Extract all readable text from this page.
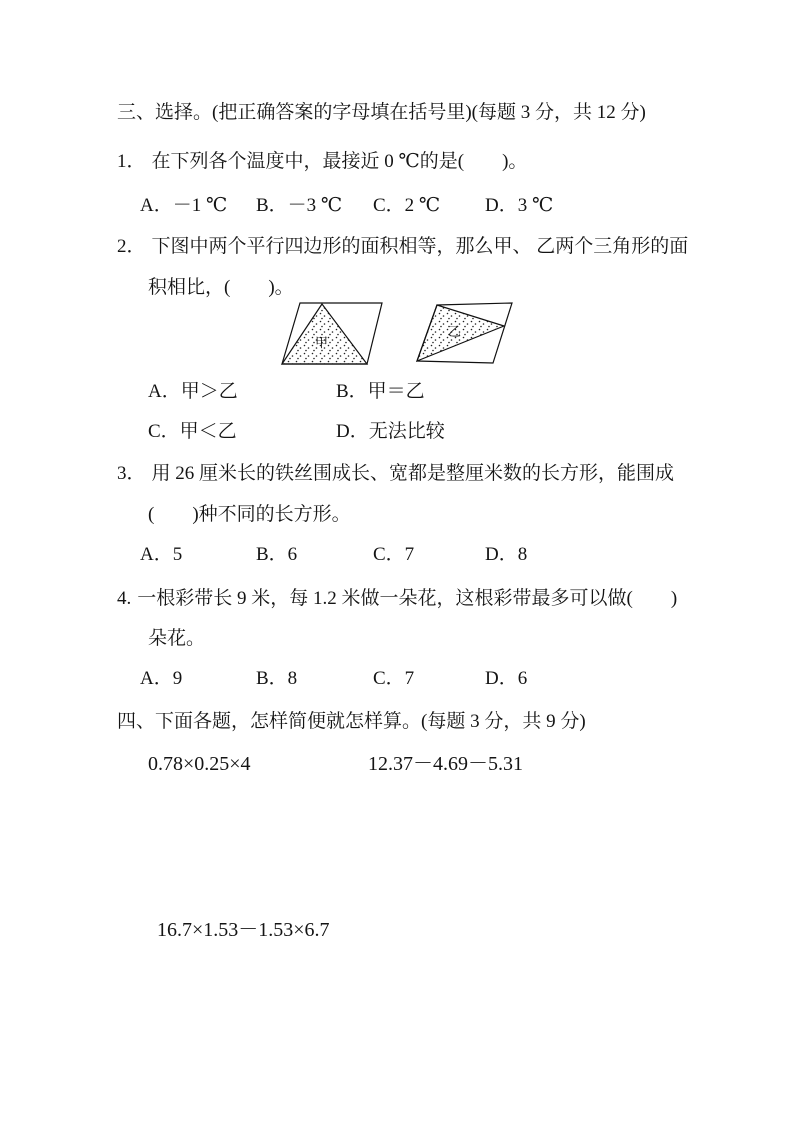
三、选择。(把正确答案的字母填在括号里)(每题 3 分，共 12 分)
1． 在下列各个温度中，最接近 0 ℃的是(　　)。
A．－1 ℃ B．－3 ℃ C．2 ℃ D．3 ℃
2． 下图中两个平行四边形的面积相等，那么甲、 乙两个三角形的面
积相比，(　　)。
甲
乙
A．甲＞乙	B．甲＝乙
C．甲＜乙	D．无法比较
3． 用 26 厘米长的铁丝围成长、宽都是整厘米数的长方形，能围成
(　　)种不同的长方形。
A．5	B．6	C．7	D．8
4. 一根彩带长 9 米，每 1.2 米做一朵花，这根彩带最多可以做(　　)
朵花。
A．9	B．8	C．7	D．6
四、下面各题，怎样简便就怎样算。(每题 3 分，共 9 分)
0.78×0.25×4	12.37－4.69－5.31
16.7×1.53－1.53×6.7
